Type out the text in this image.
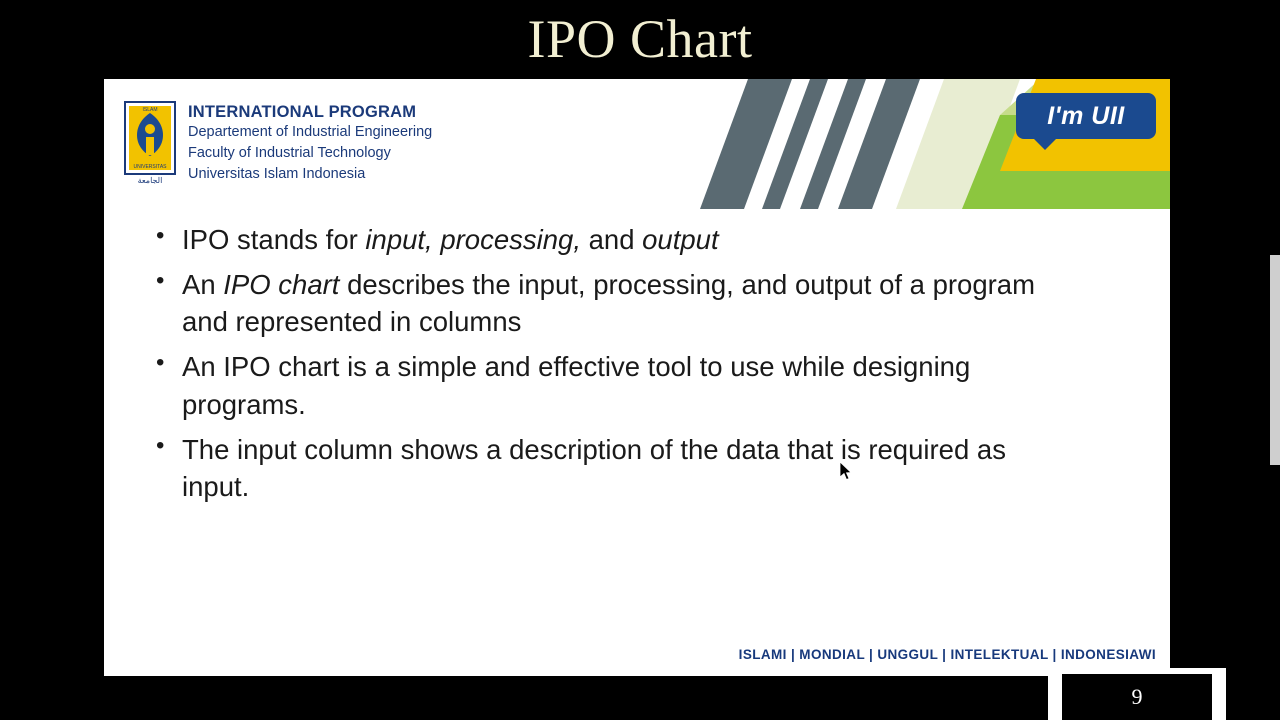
IPO Chart
ISLAM
UNIVERSITAS
الجامعة
INTERNATIONAL PROGRAM
Departement of Industrial Engineering
Faculty of Industrial Technology
Universitas Islam Indonesia
I'm UII
• IPO stands for input, processing, and output
• An IPO chart describes the input, processing, and output of a program and represented in columns
• An IPO chart is a simple and effective tool to use while designing programs.
• The input column shows a description of the data that is required as input.
ISLAMI | MONDIAL | UNGGUL | INTELEKTUAL | INDONESIAWI
9
